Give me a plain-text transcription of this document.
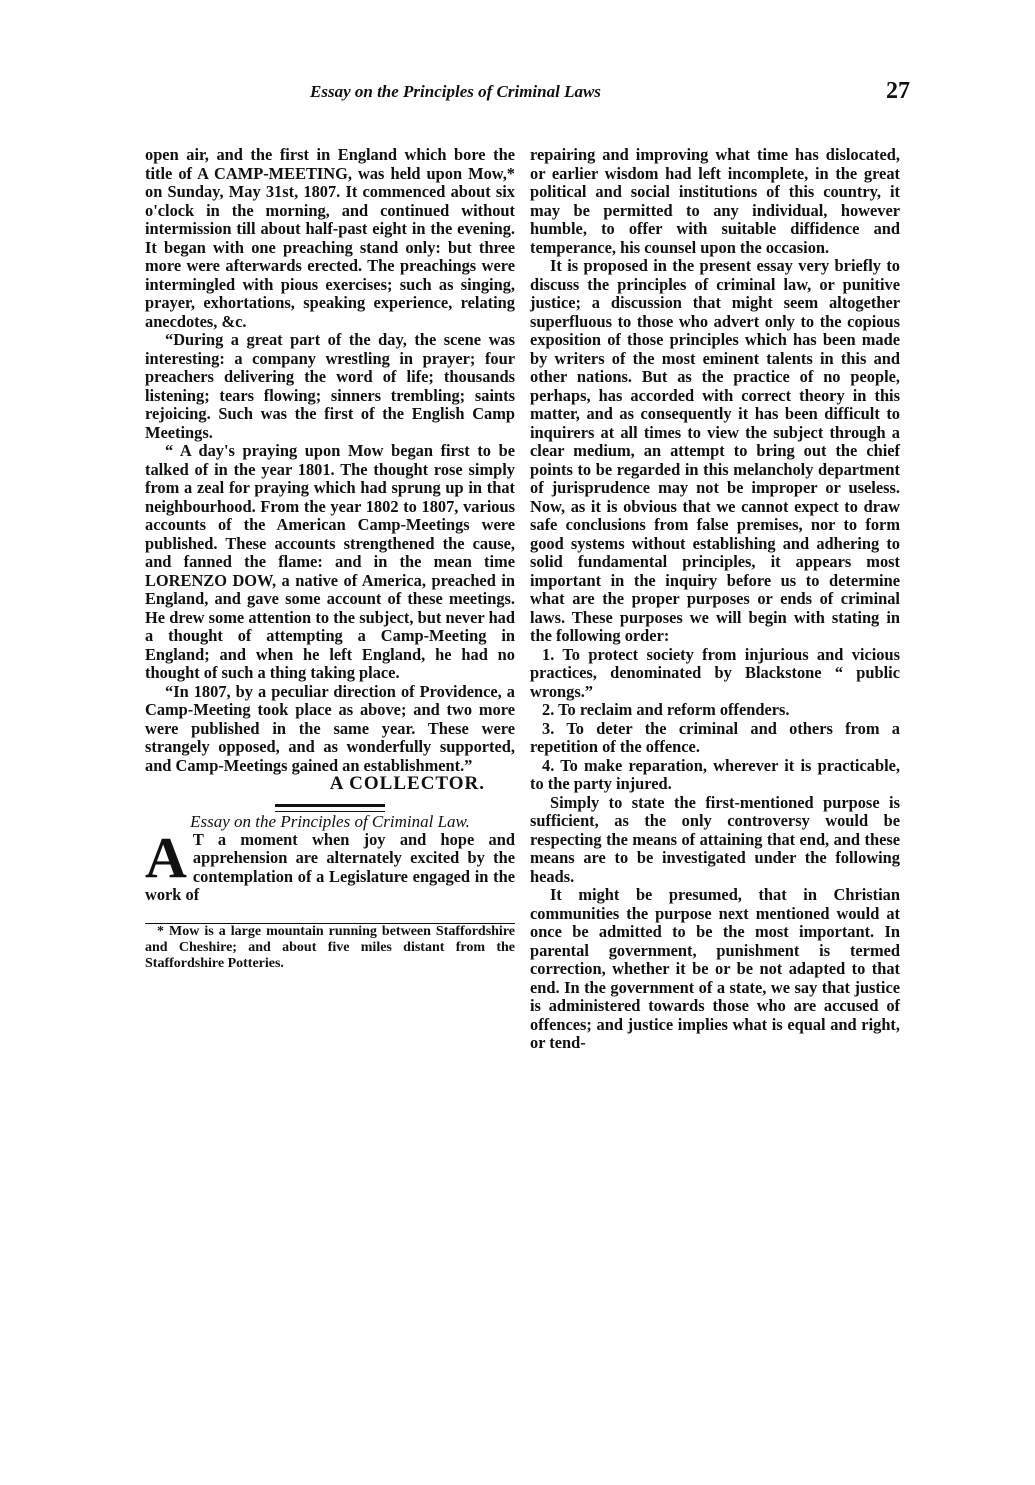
Essay on the Principles of Criminal Laws	27

open air, and the first in England which bore the title of A CAMP-MEETING, was held upon Mow,* on Sunday, May 31st, 1807. It commenced about six o'clock in the morning, and continued without intermission till about half-past eight in the evening. It began with one preaching stand only: but three more were afterwards erected. The preachings were intermingled with pious exercises; such as singing, prayer, exhortations, speaking experience, relating anecdotes, &c.

“During a great part of the day, the scene was interesting: a company wrestling in prayer; four preachers delivering the word of life; thousands listening; tears flowing; sinners trembling; saints rejoicing. Such was the first of the English Camp Meetings.

“ A day's praying upon Mow began first to be talked of in the year 1801. The thought rose simply from a zeal for praying which had sprung up in that neighbourhood. From the year 1802 to 1807, various accounts of the American Camp-Meetings were published. These accounts strengthened the cause, and fanned the flame: and in the mean time LORENZO DOW, a native of America, preached in England, and gave some account of these meetings. He drew some attention to the subject, but never had a thought of attempting a Camp-Meeting in England; and when he left England, he had no thought of such a thing taking place.

“In 1807, by a peculiar direction of Providence, a Camp-Meeting took place as above; and two more were published in the same year. These were strangely opposed, and as wonderfully supported, and Camp-Meetings gained an establishment.”

A COLLECTOR.

Essay on the Principles of Criminal Law.

A T a moment when joy and hope and apprehension are alternately excited by the contemplation of a Legislature engaged in the work of

* Mow is a large mountain running between Staffordshire and Cheshire; and about five miles distant from the Staffordshire Potteries.

repairing and improving what time has dislocated, or earlier wisdom had left incomplete, in the great political and social institutions of this country, it may be permitted to any individual, however humble, to offer with suitable diffidence and temperance, his counsel upon the occasion.

It is proposed in the present essay very briefly to discuss the principles of criminal law, or punitive justice; a discussion that might seem altogether superfluous to those who advert only to the copious exposition of those principles which has been made by writers of the most eminent talents in this and other nations. But as the practice of no people, perhaps, has accorded with correct theory in this matter, and as consequently it has been difficult to inquirers at all times to view the subject through a clear medium, an attempt to bring out the chief points to be regarded in this melancholy department of jurisprudence may not be improper or useless. Now, as it is obvious that we cannot expect to draw safe conclusions from false premises, nor to form good systems without establishing and adhering to solid fundamental principles, it appears most important in the inquiry before us to determine what are the proper purposes or ends of criminal laws. These purposes we will begin with stating in the following order:

1. To protect society from injurious and vicious practices, denominated by Blackstone “ public wrongs.”

2. To reclaim and reform offenders.

3. To deter the criminal and others from a repetition of the offence.

4. To make reparation, wherever it is practicable, to the party injured.

Simply to state the first-mentioned purpose is sufficient, as the only controversy would be respecting the means of attaining that end, and these means are to be investigated under the following heads.

It might be presumed, that in Christian communities the purpose next mentioned would at once be admitted to be the most important. In parental government, punishment is termed correction, whether it be or be not adapted to that end. In the government of a state, we say that justice is administered towards those who are accused of offences; and justice implies what is equal and right, or tend-
